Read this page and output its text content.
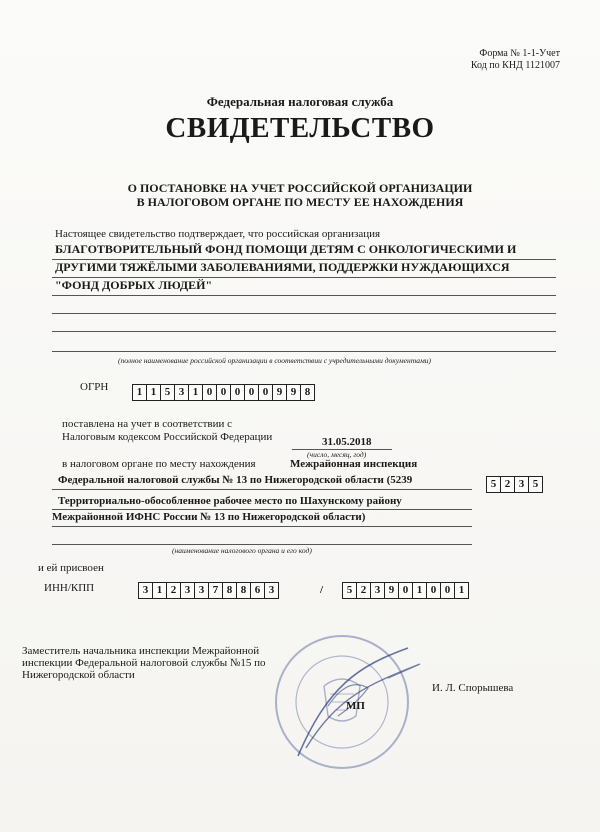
Форма № 1-1-Учет
Код по КНД 1121007
Федеральная налоговая служба
СВИДЕТЕЛЬСТВО
О ПОСТАНОВКЕ НА УЧЕТ РОССИЙСКОЙ ОРГАНИЗАЦИИ
В НАЛОГОВОМ ОРГАНЕ ПО МЕСТУ ЕЕ НАХОЖДЕНИЯ
Настоящее свидетельство подтверждает, что российская организация
БЛАГОТВОРИТЕЛЬНЫЙ ФОНД ПОМОЩИ ДЕТЯМ С ОНКОЛОГИЧЕСКИМИ И
ДРУГИМИ ТЯЖЁЛЫМИ ЗАБОЛЕВАНИЯМИ, ПОДДЕРЖКИ НУЖДАЮЩИХСЯ
"ФОНД ДОБРЫХ ЛЮДЕЙ"
(полное наименование российской организации в соответствии с учредительными документами)
ОГРН	1 1 5 3 1 0 0 0 0 0 9 9 8
поставлена на учет в соответствии с
Налоговым кодексом Российской Федерации	31.05.2018
(число, месяц, год)
в налоговом органе по месту нахождения	Межрайонная инспекция
Федеральной налоговой службы № 13 по Нижегородской области (5239	5 2 3 5
Территориально-обособленное рабочее место по Шахунскому району
Межрайонной ИФНС России № 13 по Нижегородской области)
(наименование налогового органа и его код)
и ей присвоен
ИНН/КПП	3 1 2 3 3 7 8 8 6 3	/	5 2 3 9 0 1 0 0 1
Заместитель начальника инспекции Межрайонной
инспекции Федеральной налоговой службы №15 по
Нижегородской области
МП
И. Л. Спорышева
